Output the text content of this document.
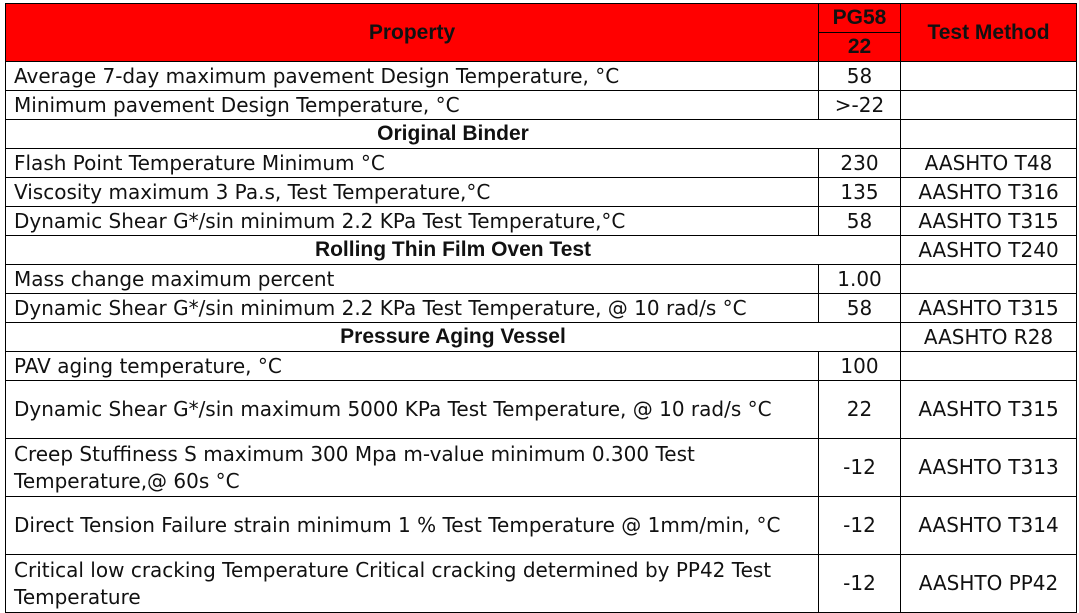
Property	PG58	Test Method
	22	
Average 7-day maximum pavement Design Temperature, °C	58	
Minimum pavement Design Temperature, °C	>-22	
Original Binder		
Flash Point Temperature Minimum °C	230	AASHTO T48
Viscosity maximum 3 Pa.s, Test Temperature,°C	135	AASHTO T316
Dynamic Shear G*/sin minimum 2.2 KPa Test Temperature,°C	58	AASHTO T315
Rolling Thin Film Oven Test		AASHTO T240
Mass change maximum percent	1.00	
Dynamic Shear G*/sin minimum 2.2 KPa Test Temperature, @ 10 rad/s °C	58	AASHTO T315
Pressure Aging Vessel		AASHTO R28
PAV aging temperature, °C	100	
Dynamic Shear G*/sin maximum 5000 KPa Test Temperature, @ 10 rad/s °C	22	AASHTO T315
Creep Stuffiness S maximum 300 Mpa m-value minimum 0.300 Test Temperature,@ 60s °C	-12	AASHTO T313
Direct Tension Failure strain minimum 1 % Test Temperature @ 1mm/min, °C	-12	AASHTO T314
Critical low cracking Temperature Critical cracking determined by PP42 Test Temperature	-12	AASHTO PP42
